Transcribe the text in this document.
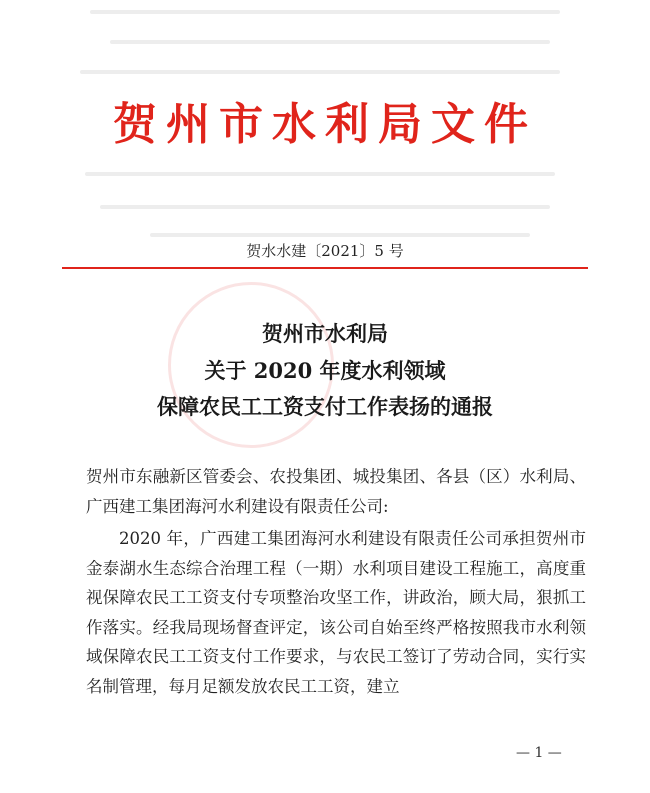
贺州市水利局文件
贺水水建〔2021〕5 号
贺州市水利局
关于 2020 年度水利领域
保障农民工工资支付工作表扬的通报
贺州市东融新区管委会、农投集团、城投集团、各县（区）水利局、广西建工集团海河水利建设有限责任公司:
2020 年，广西建工集团海河水利建设有限责任公司承担贺州市金泰湖水生态综合治理工程（一期）水利项目建设工程施工，高度重视保障农民工工资支付专项整治攻坚工作，讲政治，顾大局，狠抓工作落实。经我局现场督查评定，该公司自始至终严格按照我市水利领域保障农民工工资支付工作要求，与农民工签订了劳动合同，实行实名制管理，每月足额发放农民工工资，建立
— 1 —
